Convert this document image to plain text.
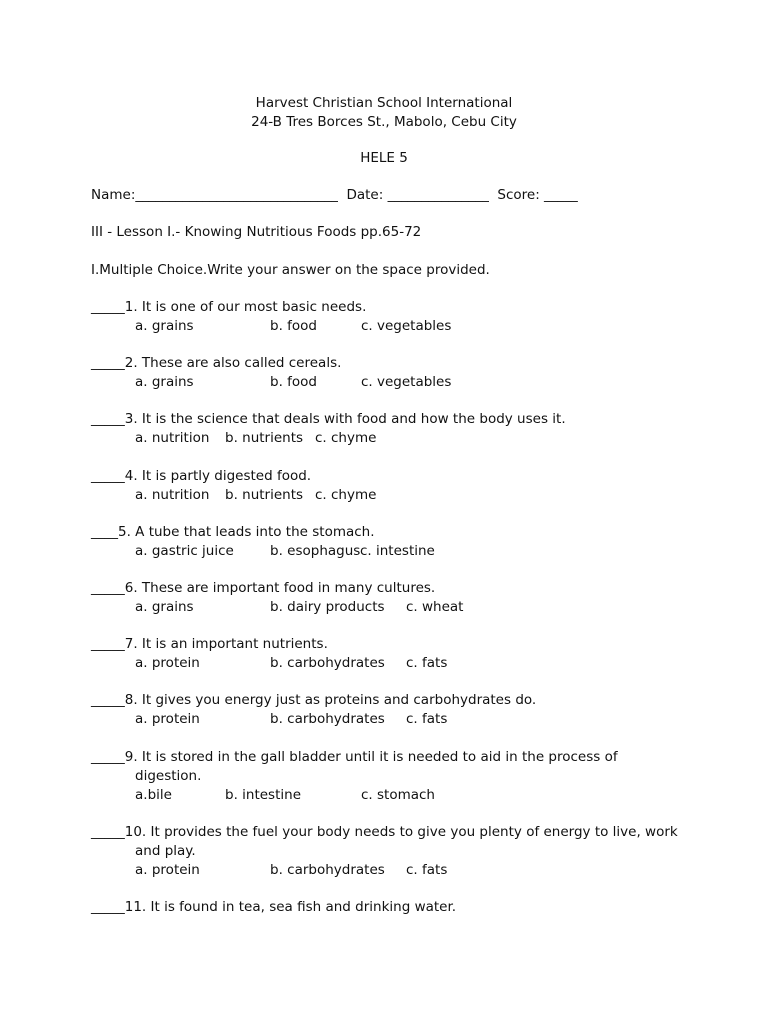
Harvest Christian School International
24-B Tres Borces St., Mabolo, Cebu City
HELE 5
Name:______________________________  Date: _______________  Score: _____
III - Lesson I.- Knowing Nutritious Foods pp.65-72
I.Multiple Choice.Write your answer on the space provided.
_____1. It is one of our most basic needs.
a. grains	b. food	c. vegetables
_____2. These are also called cereals.
a. grains	b. food	c. vegetables
_____3. It is the science that deals with food and how the body uses it.
a. nutrition b. nutrients c. chyme
_____4. It is partly digested food.
a. nutrition b. nutrients c. chyme
____5. A tube that leads into the stomach.
a. gastric juice	b. esophagus c. intestine
_____6. These are important food in many cultures.
a. grains	b. dairy products c. wheat
_____7. It is an important nutrients.
a. protein	b. carbohydrates c. fats
_____8. It gives you energy just as proteins and carbohydrates do.
a. protein	b. carbohydrates c. fats
_____9. It is stored in the gall bladder until it is needed to aid in the process of
digestion.
a.bile	b. intestine	c. stomach
_____10. It provides the fuel your body needs to give you plenty of energy to live, work
and play.
a. protein	b. carbohydrates c. fats
_____11. It is found in tea, sea fish and drinking water.
